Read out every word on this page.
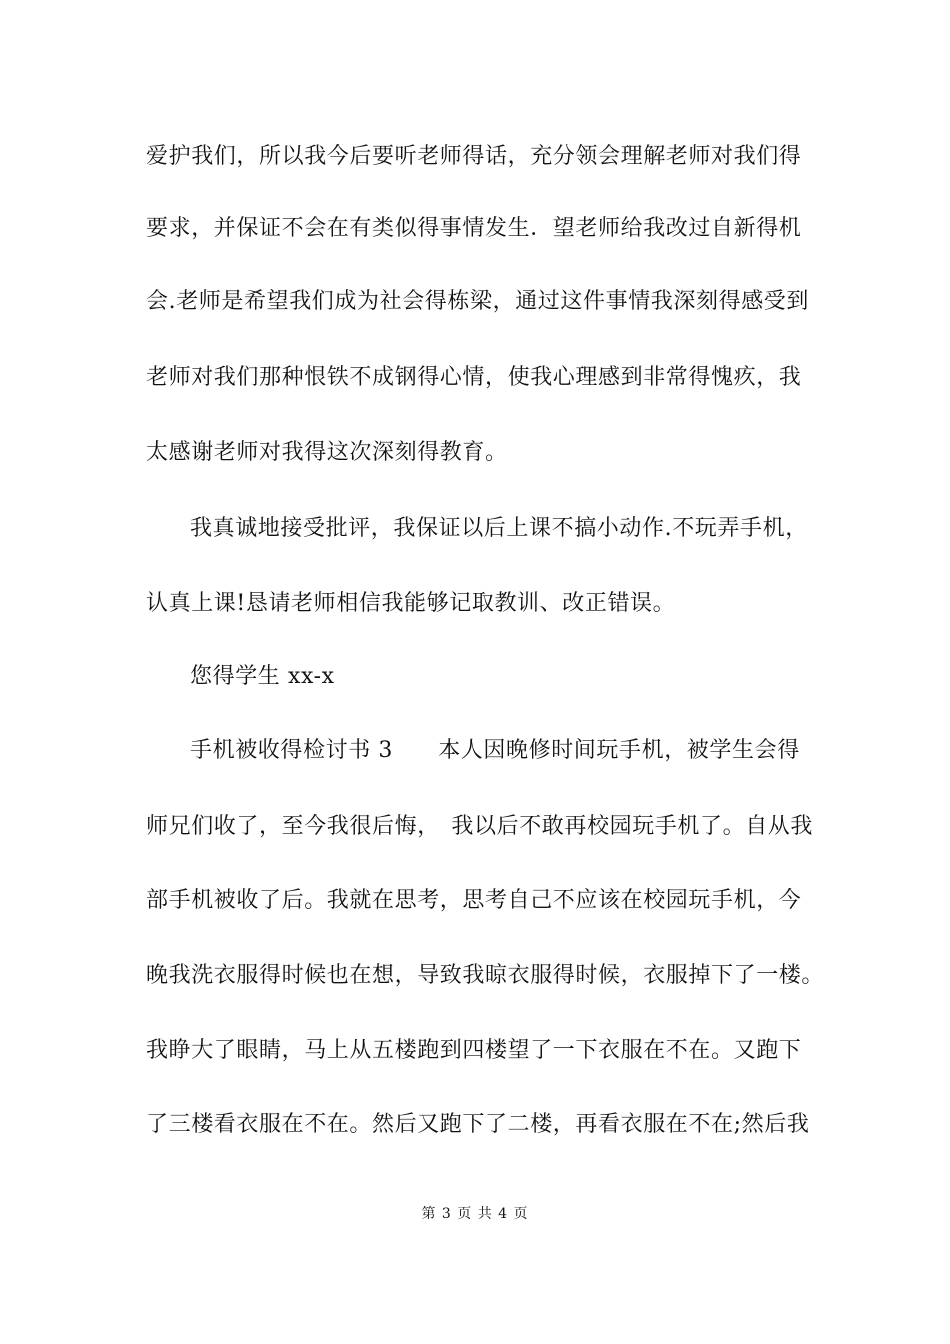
爱护我们，所以我今后要听老师得话，充分领会理解老师对我们得
要求，并保证不会在有类似得事情发生．望老师给我改过自新得机
会.老师是希望我们成为社会得栋梁，通过这件事情我深刻得感受到
老师对我们那种恨铁不成钢得心情，使我心理感到非常得愧疚，我
太感谢老师对我得这次深刻得教育。
我真诚地接受批评，我保证以后上课不搞小动作.不玩弄手机，
认真上课!恳请老师相信我能够记取教训、改正错误。
您得学生 xx-x
手机被收得检讨书 3　　本人因晚修时间玩手机，被学生会得
师兄们收了，至今我很后悔，　我以后不敢再校园玩手机了。自从我
部手机被收了后。我就在思考，思考自己不应该在校园玩手机，今
晚我洗衣服得时候也在想，导致我晾衣服得时候，衣服掉下了一楼。
我睁大了眼睛，马上从五楼跑到四楼望了一下衣服在不在。又跑下
了三楼看衣服在不在。然后又跑下了二楼，再看衣服在不在;然后我
第 3 页 共 4 页
